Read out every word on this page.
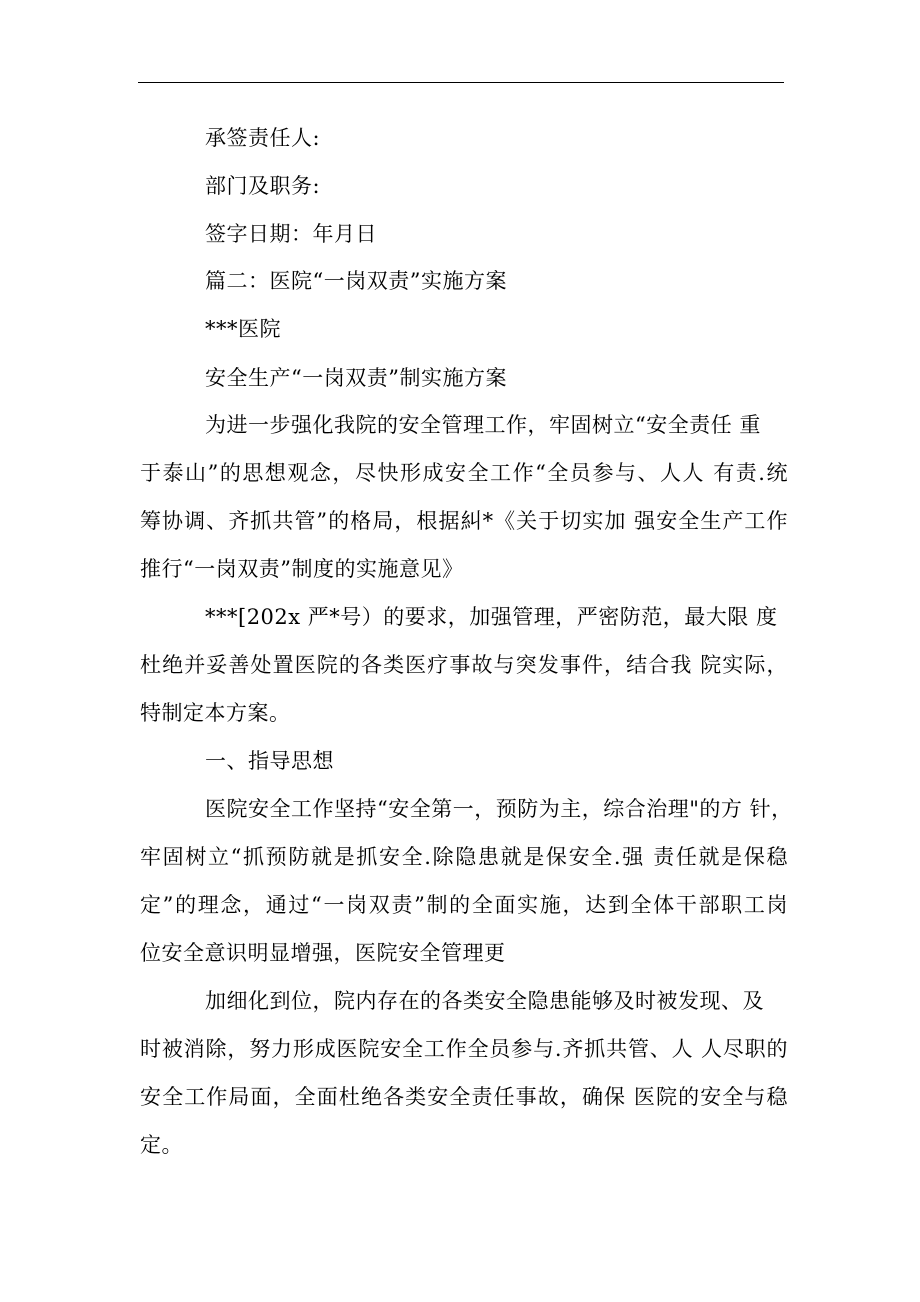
承签责任人:
部门及职务:
签字日期：年月日
篇二：医院“一岗双责”实施方案
***医院
安全生产“一岗双责”制实施方案
为进一步强化我院的安全管理工作，牢固树立“安全责任 重
于泰山”的思想观念，尽快形成安全工作“全员参与、人人 有责.统
筹协调、齐抓共管”的格局，根据糾*《关于切实加 强安全生产工作
推行“一岗双责”制度的实施意见》
***[202x 严*号）的要求，加强管理，严密防范，最大限 度
杜绝并妥善处置医院的各类医疗事故与突发事件，结合我 院实际，
特制定本方案。
一、指导思想
医院安全工作坚持“安全第一，预防为主，综合治理"的方 针，
牢固树立“抓预防就是抓安全.除隐患就是保安全.强 责任就是保稳
定”的理念，通过“一岗双责”制的全面实施，达到全体干部职工岗
位安全意识明显增强，医院安全管理更
加细化到位，院内存在的各类安全隐患能够及时被发现、及
时被消除，努力形成医院安全工作全员参与.齐抓共管、人 人尽职的
安全工作局面，全面杜绝各类安全责任事故，确保 医院的安全与稳
定。
